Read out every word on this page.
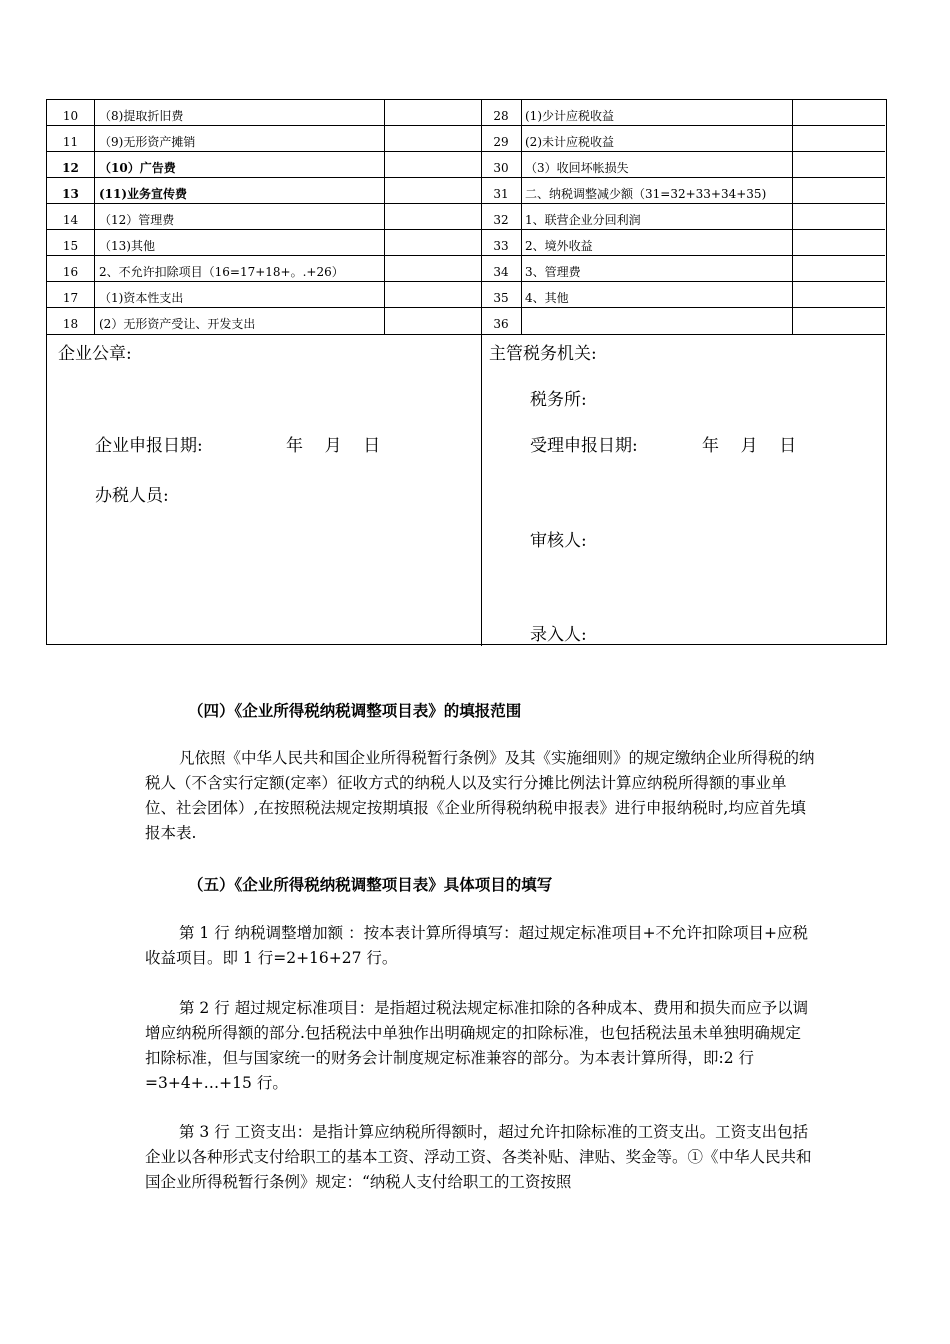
10	（8)提取折旧费
11	（9)无形资产摊销
12	（10）广告费
13	(11)业务宣传费
14	（12）管理费
15	（13)其他
16	2、不允许扣除项目（16=17+18+。.+26）
17	（1)资本性支出
18	(2）无形资产受让、开发支出
28	(1)少计应税收益
29	(2)未计应税收益
30	（3）收回坏帐损失
31	二、纳税调整减少额（31=32+33+34+35)
32	1、联营企业分回利润
33	2、境外收益
34	3、管理费
35	4、其他
36
企业公章:
企业申报日期:	年    月    日
办税人员:
主管税务机关:
税务所:
受理申报日期:	年    月    日
审核人:
录入人:
（四）《企业所得税纳税调整项目表》的填报范围

凡依照《中华人民共和国企业所得税暂行条例》及其《实施细则》的规定缴纳企业所得税的纳税人（不含实行定额(定率）征收方式的纳税人以及实行分摊比例法计算应纳税所得额的事业单位、社会团体）,在按照税法规定按期填报《企业所得税纳税申报表》进行申报纳税时,均应首先填报本表.

（五）《企业所得税纳税调整项目表》具体项目的填写

第 1 行 纳税调整增加额 ：按本表计算所得填写：超过规定标准项目+不允许扣除项目+应税收益项目。即 1 行=2+16+27 行。

第 2 行 超过规定标准项目：是指超过税法规定标准扣除的各种成本、费用和损失而应予以调增应纳税所得额的部分.包括税法中单独作出明确规定的扣除标准，也包括税法虽未单独明确规定扣除标准，但与国家统一的财务会计制度规定标准兼容的部分。为本表计算所得，即:2 行=3+4+…+15 行。

第 3 行 工资支出：是指计算应纳税所得额时，超过允许扣除标准的工资支出。工资支出包括企业以各种形式支付给职工的基本工资、浮动工资、各类补贴、津贴、奖金等。①《中华人民共和国企业所得税暂行条例》规定：“纳税人支付给职工的工资按照
